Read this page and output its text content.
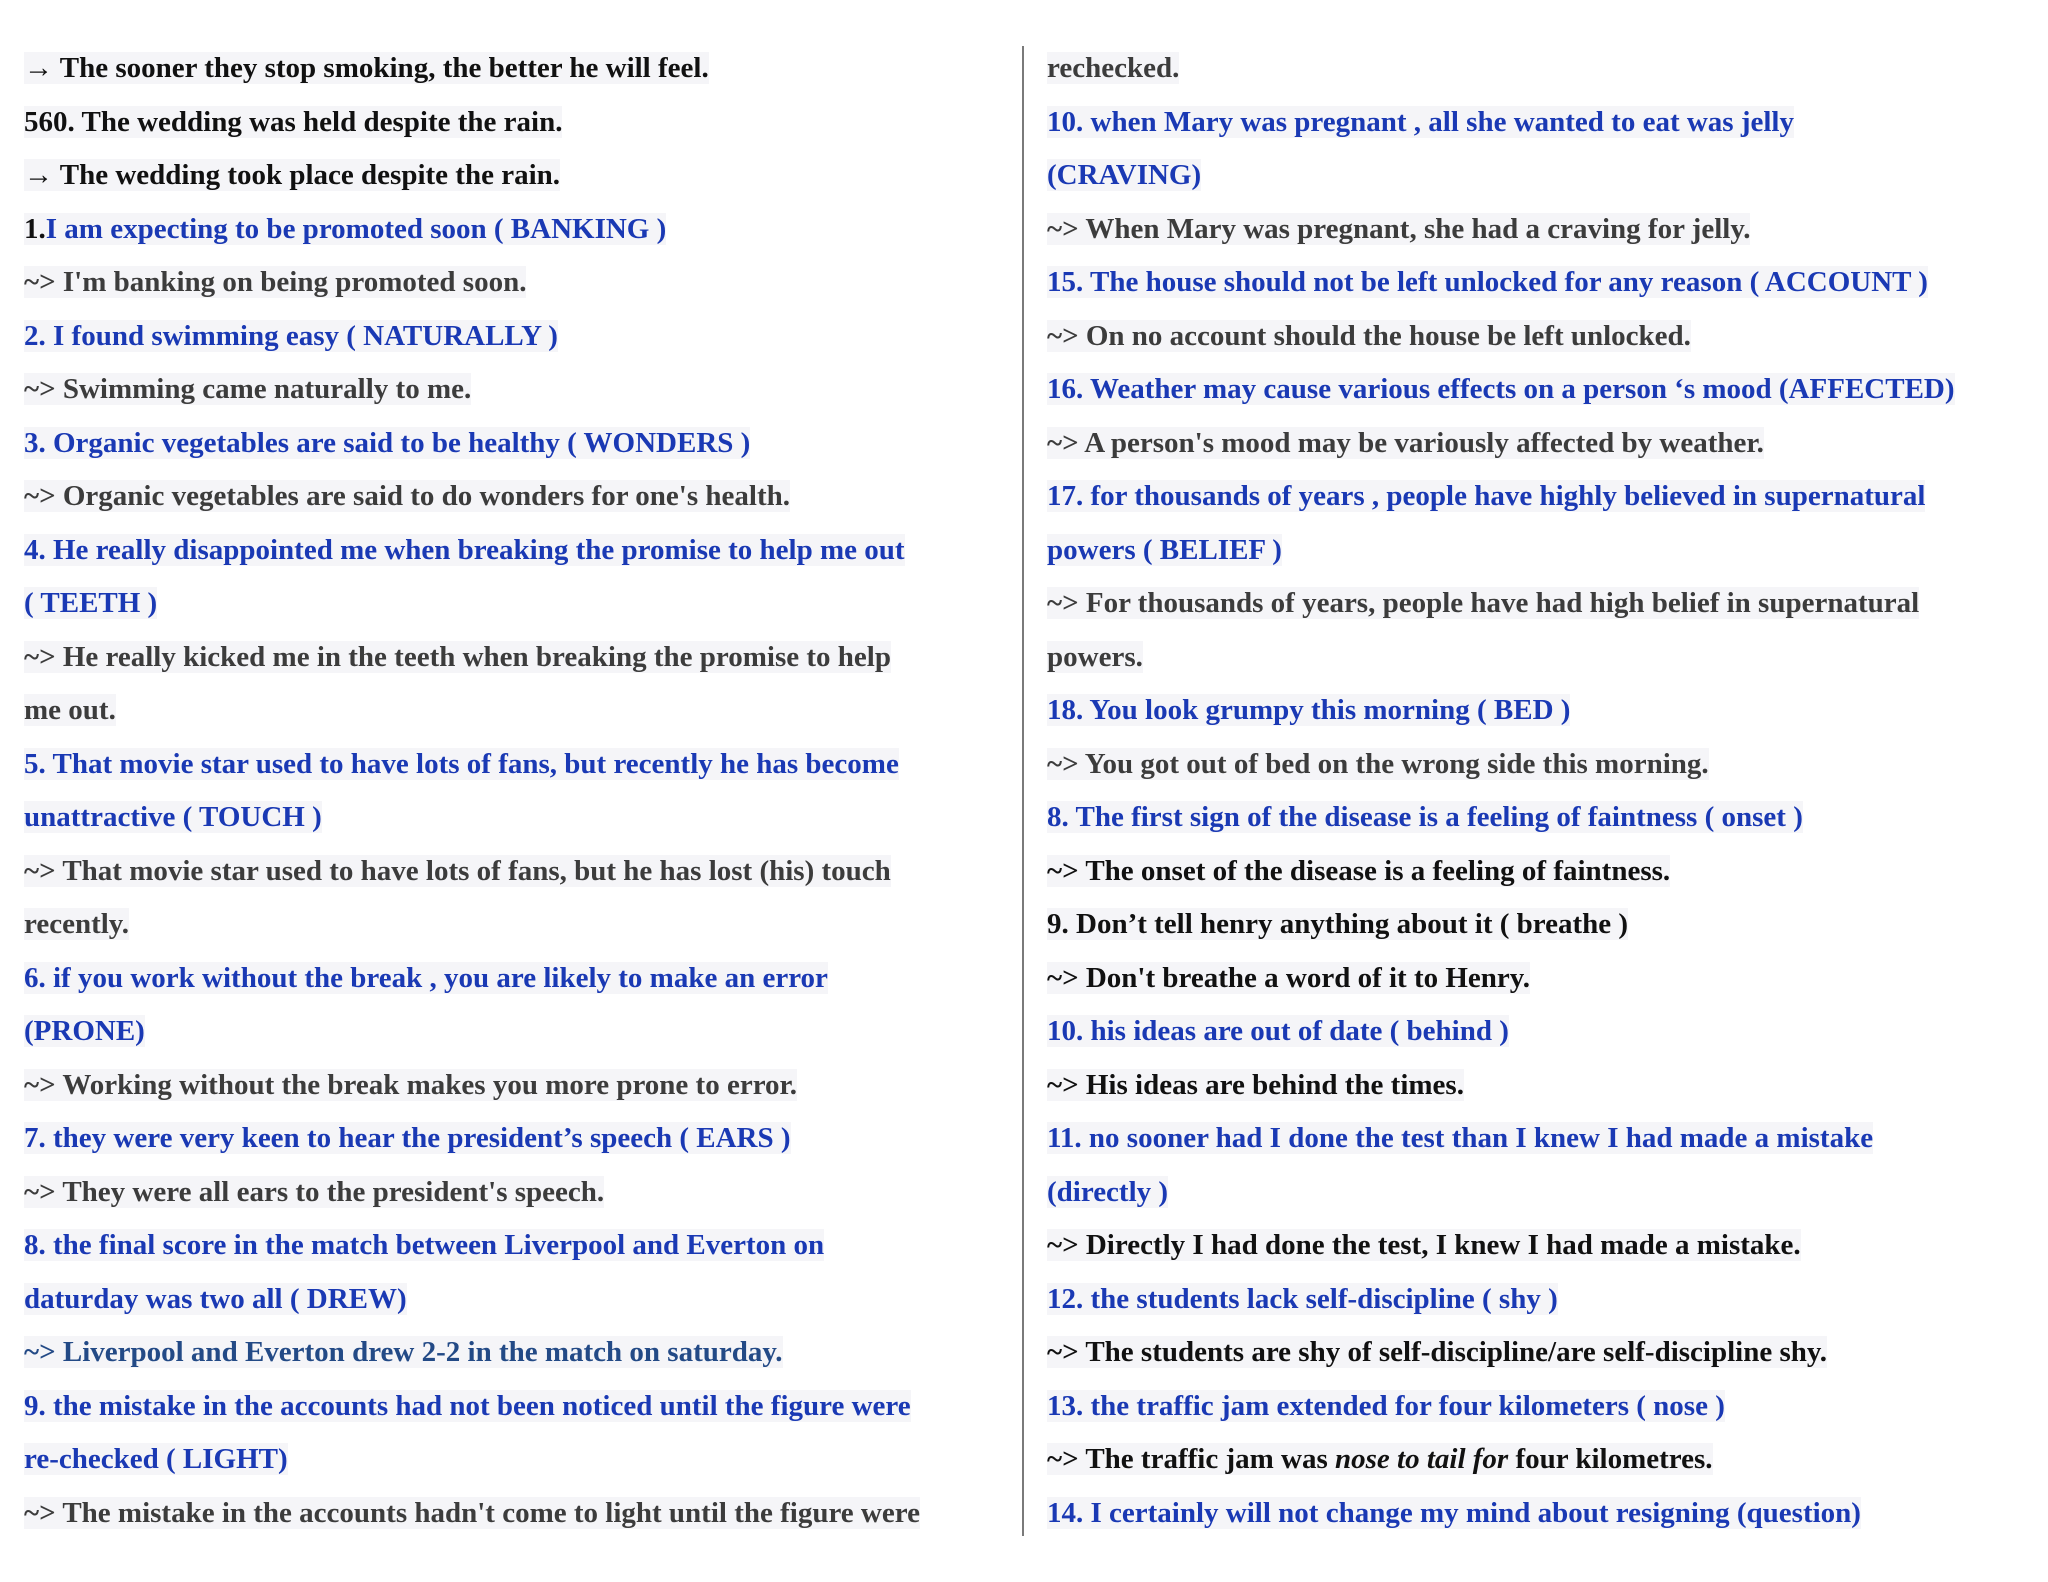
→ The sooner they stop smoking, the better he will feel.
560. The wedding was held despite the rain.
→ The wedding took place despite the rain.
1.I am expecting to be promoted soon ( BANKING )
~> I'm banking on being promoted soon.
2. I found swimming easy ( NATURALLY )
~> Swimming came naturally to me.
3. Organic vegetables are said to be healthy ( WONDERS )
~> Organic vegetables are said to do wonders for one's health.
4. He really disappointed me when breaking the promise to help me out
( TEETH )
~> He really kicked me in the teeth when breaking the promise to help
me out.
5. That movie star used to have lots of fans, but recently he has become
unattractive ( TOUCH )
~> That movie star used to have lots of fans, but he has lost (his) touch
recently.
6. if you work without the break , you are likely to make an error
(PRONE)
~> Working without the break makes you more prone to error.
7. they were very keen to hear the president’s speech ( EARS )
~> They were all ears to the president's speech.
8. the final score in the match between Liverpool and Everton on
daturday was two all ( DREW)
~> Liverpool and Everton drew 2-2 in the match on saturday.
9. the mistake in the accounts had not been noticed until the figure were
re-checked ( LIGHT)
~> The mistake in the accounts hadn't come to light until the figure were
rechecked.
10. when Mary was pregnant , all she wanted to eat was jelly
(CRAVING)
~> When Mary was pregnant, she had a craving for jelly.
15. The house should not be left unlocked for any reason ( ACCOUNT )
~> On no account should the house be left unlocked.
16. Weather may cause various effects on a person ‘s mood (AFFECTED)
~> A person's mood may be variously affected by weather.
17. for thousands of years , people have highly believed in supernatural
powers ( BELIEF )
~> For thousands of years, people have had high belief in supernatural
powers.
18. You look grumpy this morning ( BED )
~> You got out of bed on the wrong side this morning.
8. The first sign of the disease is a feeling of faintness ( onset )
~> The onset of the disease is a feeling of faintness.
9. Don’t tell henry anything about it ( breathe )
~> Don't breathe a word of it to Henry.
10. his ideas are out of date ( behind )
~> His ideas are behind the times.
11. no sooner had I done the test than I knew I had made a mistake
(directly )
~> Directly I had done the test, I knew I had made a mistake.
12. the students lack self-discipline ( shy )
~> The students are shy of self-discipline/are self-discipline shy.
13. the traffic jam extended for four kilometers ( nose )
~> The traffic jam was nose to tail for four kilometres.
14. I certainly will not change my mind about resigning (question)
